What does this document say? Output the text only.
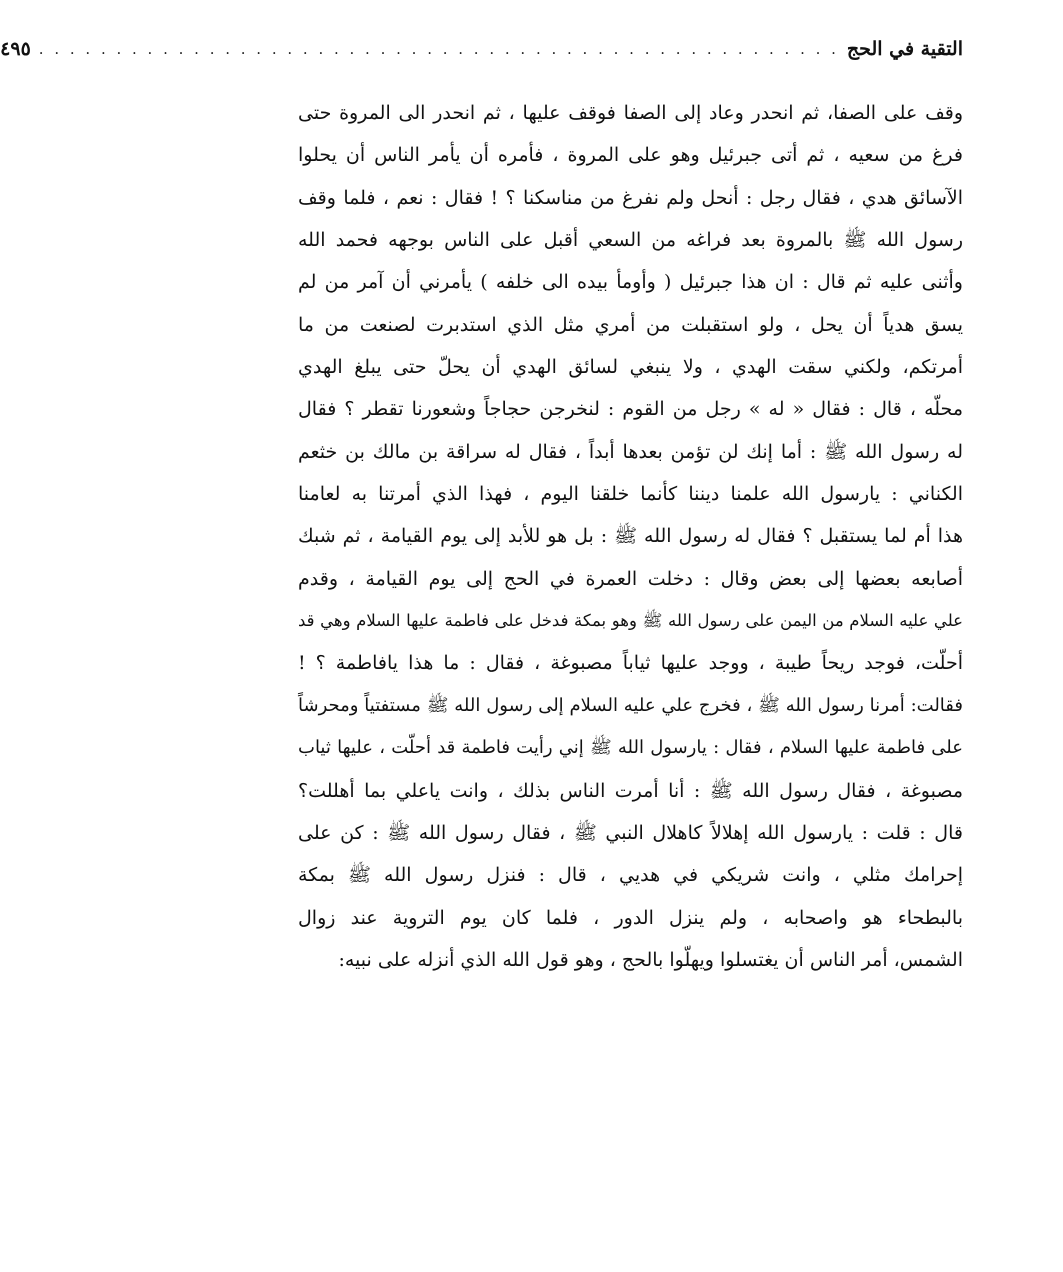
التقية في الحج
. . . . . . . . . . . . . . . . . . . . . . . . . . . . . . . . . . . . . . . . . . . . . . . . . . . .
٤٩٥
وقف على الصفا، ثم انحدر وعاد إلى الصفا فوقف عليها ، ثم انحدر الى المروة حتى
فرغ من سعيه ، ثم أتى جبرئيل وهو على المروة ، فأمره أن يأمر الناس أن يحلوا
الآسائق هدي ، فقال رجل : أنحل ولم نفرغ من مناسكنا ؟ ! فقال : نعم ، فلما وقف
رسول الله ﷺ بالمروة بعد فراغه من السعي أقبل على الناس بوجهه فحمد الله
وأثنى عليه ثم قال : ان هذا جبرئيل ( وأومأ بيده الى خلفه ) يأمرني أن آمر من لم
يسق هدياً أن يحل ، ولو استقبلت من أمري مثل الذي استدبرت لصنعت من ما
أمرتكم، ولكني سقت الهدي ، ولا ينبغي لسائق الهدي أن يحلّ حتى يبلغ الهدي
محلّه ، قال : فقال « له » رجل من القوم : لنخرجن حجاجاً وشعورنا تقطر ؟ فقال
له رسول الله ﷺ : أما إنك لن تؤمن بعدها أبداً ، فقال له سراقة بن مالك بن خثعم
الكناني : يارسول الله علمنا ديننا كأنما خلقنا اليوم ، فهذا الذي أمرتنا به لعامنا
هذا أم لما يستقبل ؟ فقال له رسول الله ﷺ : بل هو للأبد إلى يوم القيامة ، ثم شبك
أصابعه بعضها إلى بعض وقال : دخلت العمرة في الحج إلى يوم القيامة ، وقدم
علي عليه السلام من اليمن على رسول الله ﷺ وهو بمكة فدخل على فاطمة عليها السلام وهي قد
أحلّت، فوجد ريحاً طيبة ، ووجد عليها ثياباً مصبوغة ، فقال : ما هذا يافاطمة ؟ !
فقالت: أمرنا رسول الله ﷺ ، فخرج علي عليه السلام إلى رسول الله ﷺ مستفتياً ومحرشاً
على فاطمة عليها السلام ، فقال : يارسول الله ﷺ إني رأيت فاطمة قد أحلّت ، عليها ثياب
مصبوغة ، فقال رسول الله ﷺ : أنا أمرت الناس بذلك ، وانت ياعلي بما أهللت؟
قال : قلت : يارسول الله إهلالاً كاهلال النبي ﷺ ، فقال رسول الله ﷺ : كن على
إحرامك مثلي ، وانت شريكي في هديي ، قال : فنزل رسول الله ﷺ بمكة
بالبطحاء هو واصحابه ، ولم ينزل الدور ، فلما كان يوم التروية عند زوال
الشمس، أمر الناس أن يغتسلوا ويهلّوا بالحج ، وهو قول الله الذي أنزله على نبيه:
